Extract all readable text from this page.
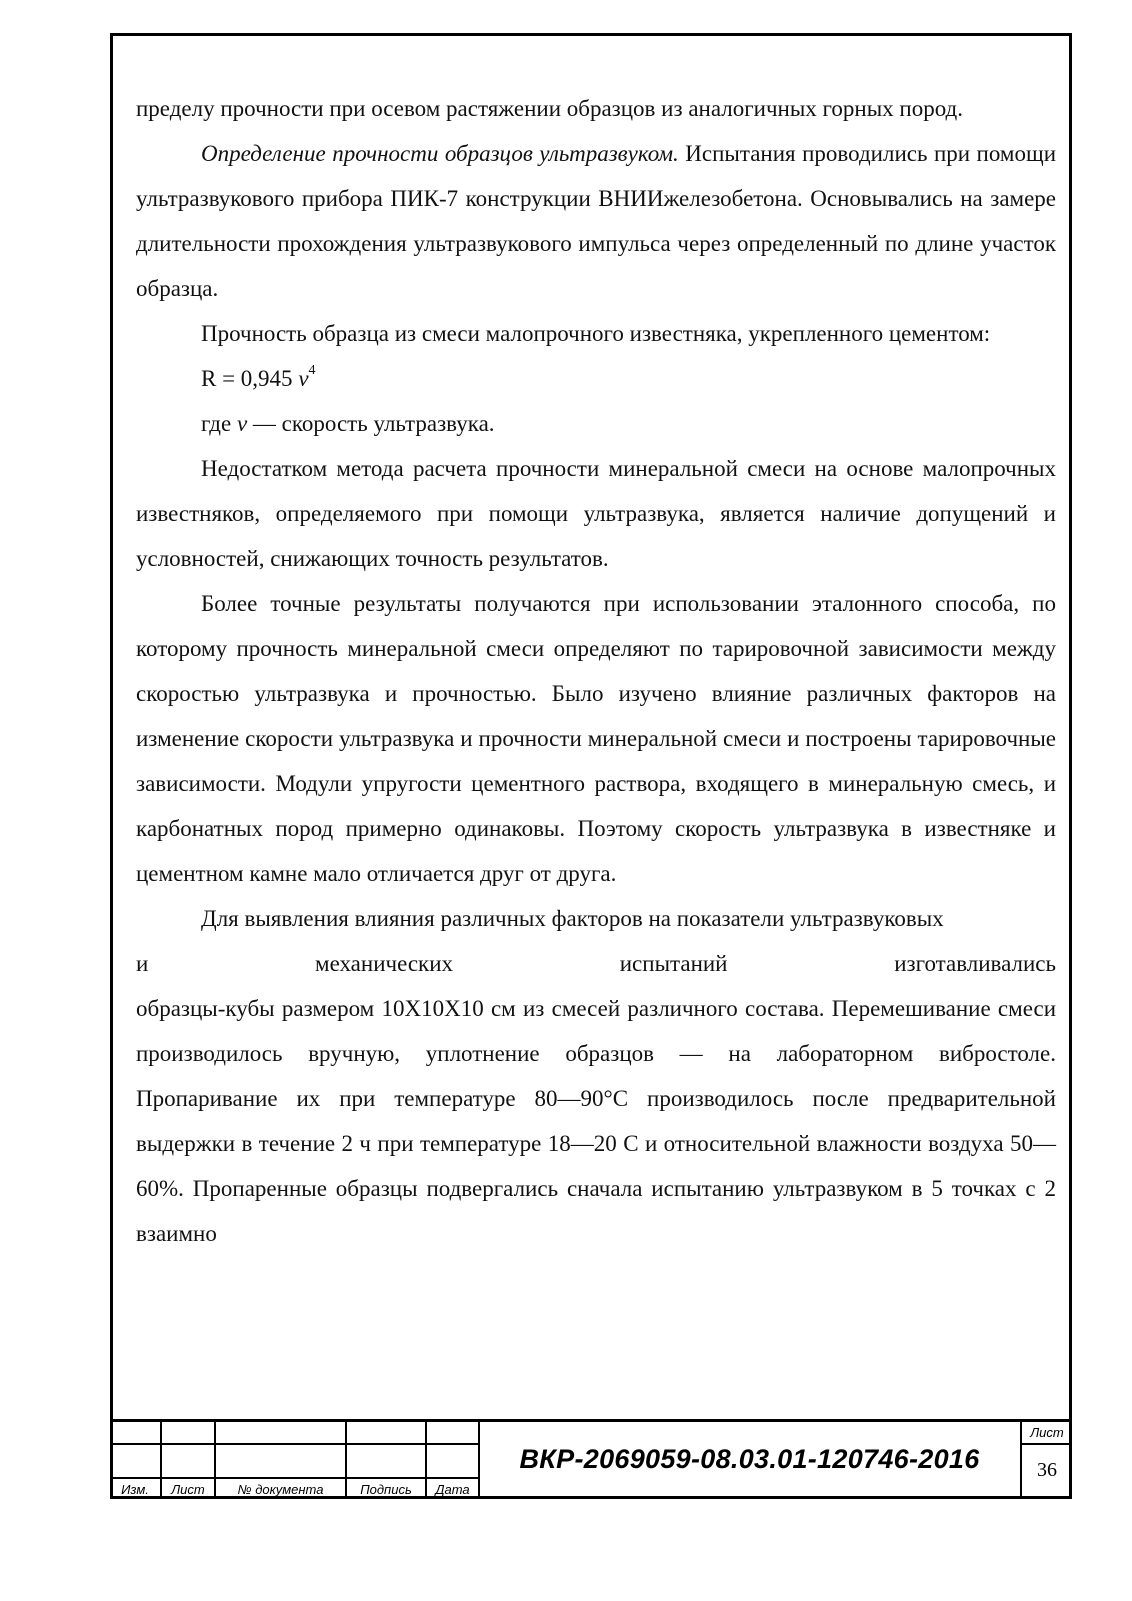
пределу прочности при осевом растяжении образцов из аналогичных горных пород.

Определение прочности образцов ультразвуком. Испытания проводились при помощи ультразвукового прибора ПИК-7 конструкции ВНИИжелезобетона. Основывались на замере длительности прохождения ультразвукового импульса через определенный по длине участок образца.

Прочность образца из смеси малопрочного известняка, укрепленного цементом:

R = 0,945 $v^4$

где v — скорость ультразвука.

Недостатком метода расчета прочности минеральной смеси на основе малопрочных известняков, определяемого при помощи ультразвука, является наличие допущений и условностей, снижающих точность результатов.

Более точные результаты получаются при использовании эталонного способа, по которому прочность минеральной смеси определяют по тарировочной зависимости между скоростью ультразвука и прочностью. Было изучено влияние различных факторов на изменение скорости ультразвука и прочности минеральной смеси и построены тарировочные зависимости. Модули упругости цементного раствора, входящего в минеральную смесь, и карбонатных пород примерно одинаковы. Поэтому скорость ультразвука в известняке и цементном камне мало отличается друг от друга.

Для выявления влияния различных факторов на показатели ультразвуковых

и	механических	испытаний	изготавливались

образцы-кубы размером 10Х10Х10 см из смесей различного состава. Перемешивание смеси производилось вручную, уплотнение образцов — на лабораторном вибростоле. Пропаривание их при температуре 80—90°С производилось после предварительной выдержки в течение 2 ч при температуре 18—20 С и относительной влажности воздуха 50—60%. Пропаренные образцы подвергались сначала испытанию ультразвуком в 5 точках с 2 взаимно

Изм.	Лист	№ документа	Подпись	Дата
ВКР-2069059-08.03.01-120746-2016
Лист
36
